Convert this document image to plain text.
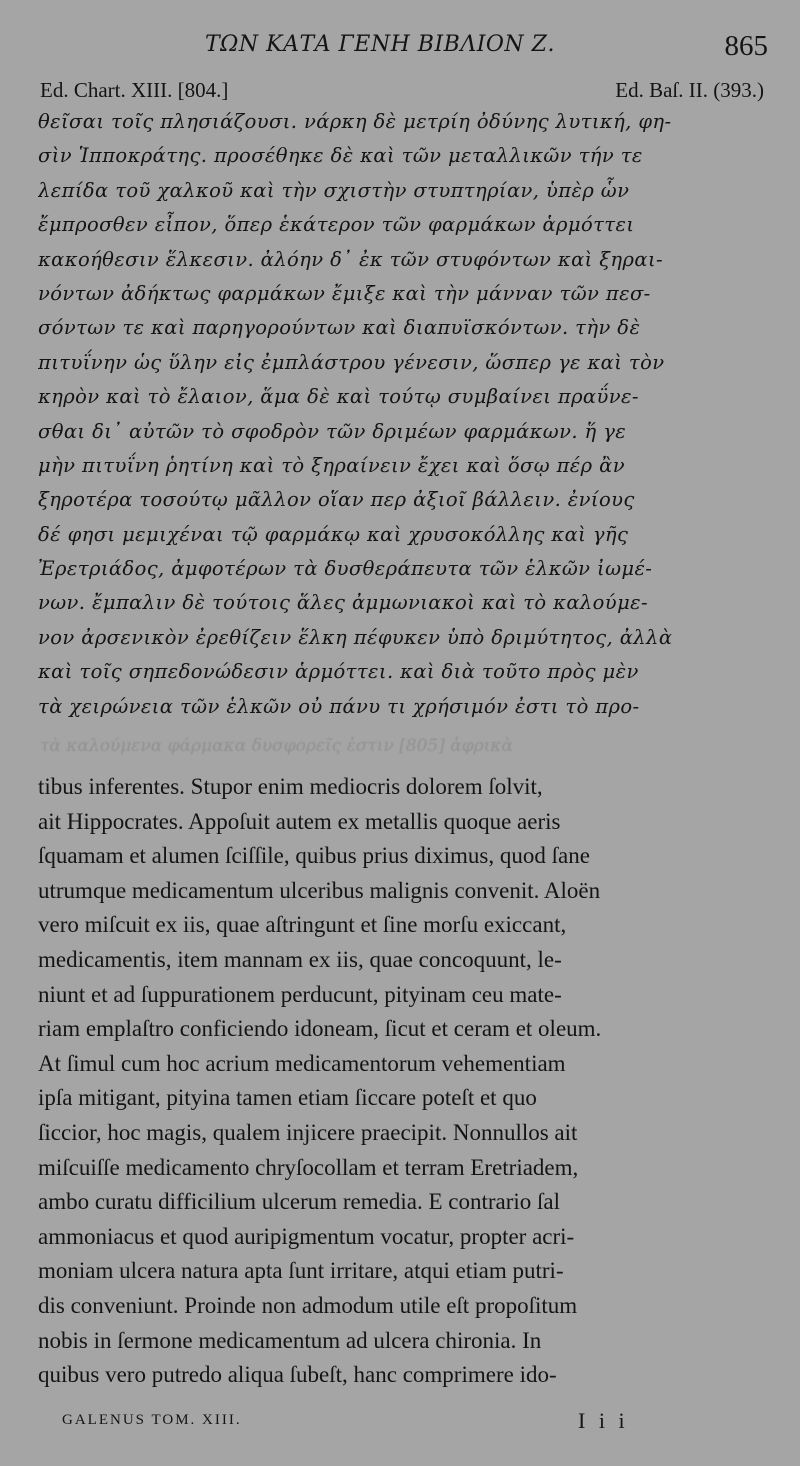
ΤΩΝ ΚΑΤΑ ΓΕΝΗ ΒΙΒΛΙΟΝ Ζ.	865
Ed. Chart. XIII. [804.]	Ed. Baſ. II. (393.)
θεῖσαι τοῖς πλησιάζουσι. νάρκη δὲ μετρίη ὀδύνης λυτική, φη-
σὶν Ἱπποκράτης. προσέθηκε δὲ καὶ τῶν μεταλλικῶν τήν τε
λεπίδα τοῦ χαλκοῦ καὶ τὴν σχιστὴν στυπτηρίαν, ὑπὲρ ὧν
ἔμπροσθεν εἶπον, ὅπερ ἑκάτερον τῶν φαρμάκων ἁρμόττει
κακοήθεσιν ἕλκεσιν. ἀλόην δ᾽ ἐκ τῶν στυφόντων καὶ ξηραι-
νόντων ἀδήκτως φαρμάκων ἔμιξε καὶ τὴν μάνναν τῶν πεσ-
σόντων τε καὶ παρηγορούντων καὶ διαπυϊσκόντων. τὴν δὲ
πιτυΐνην ὡς ὕλην εἰς ἐμπλάστρου γένεσιν, ὥσπερ γε καὶ τὸν
κηρὸν καὶ τὸ ἔλαιον, ἅμα δὲ καὶ τούτῳ συμβαίνει πραΰνε-
σθαι δι᾽ αὐτῶν τὸ σφοδρὸν τῶν δριμέων φαρμάκων. ἥ γε
μὴν πιτυΐνη ῥητίνη καὶ τὸ ξηραίνειν ἔχει καὶ ὅσῳ πέρ ἂν
ξηροτέρα τοσούτῳ μᾶλλον οἵαν περ ἀξιοῖ βάλλειν. ἐνίους
δέ φησι μεμιχέναι τῷ φαρμάκῳ καὶ χρυσοκόλλης καὶ γῆς
Ἐρετριάδος, ἀμφοτέρων τὰ δυσθεράπευτα τῶν ἑλκῶν ἰωμέ-
νων. ἔμπαλιν δὲ τούτοις ἅλες ἀμμωνιακοὶ καὶ τὸ καλούμε-
νον ἀρσενικὸν ἐρεθίζειν ἕλκη πέφυκεν ὑπὸ δριμύτητος, ἀλλὰ
καὶ τοῖς σηπεδονώδεσιν ἁρμόττει. καὶ διὰ τοῦτο πρὸς μὲν
τὰ χειρώνεια τῶν ἑλκῶν οὐ πάνυ τι χρήσιμόν ἐστι τὸ προ-
τὰ καλούμενα φάρμακα δυσφορεῖς ἐστιν [805] ἀφρικὰ
tibus inferentes. Stupor enim mediocris dolorem ſolvit,
ait Hippocrates. Appoſuit autem ex metallis quoque aeris
ſquamam et alumen ſciſſile, quibus prius diximus, quod ſane
utrumque medicamentum ulceribus malignis convenit. Aloën
vero miſcuit ex iis, quae aſtringunt et ſine morſu exiccant,
medicamentis, item mannam ex iis, quae concoquunt, le-
niunt et ad ſuppurationem perducunt, pityinam ceu mate-
riam emplaſtro conficiendo idoneam, ſicut et ceram et oleum.
At ſimul cum hoc acrium medicamentorum vehementiam
ipſa mitigant, pityina tamen etiam ſiccare poteſt et quo
ſiccior, hoc magis, qualem injicere praecipit. Nonnullos ait
miſcuiſſe medicamento chryſocollam et terram Eretriadem,
ambo curatu difficilium ulcerum remedia. E contrario ſal
ammoniacus et quod auripigmentum vocatur, propter acri-
moniam ulcera natura apta ſunt irritare, atqui etiam putri-
dis conveniunt. Proinde non admodum utile eſt propoſitum
nobis in ſermone medicamentum ad ulcera chironia. In
quibus vero putredo aliqua ſubeſt, hanc comprimere ido-
GALENUS TOM. XIII.	I i i
